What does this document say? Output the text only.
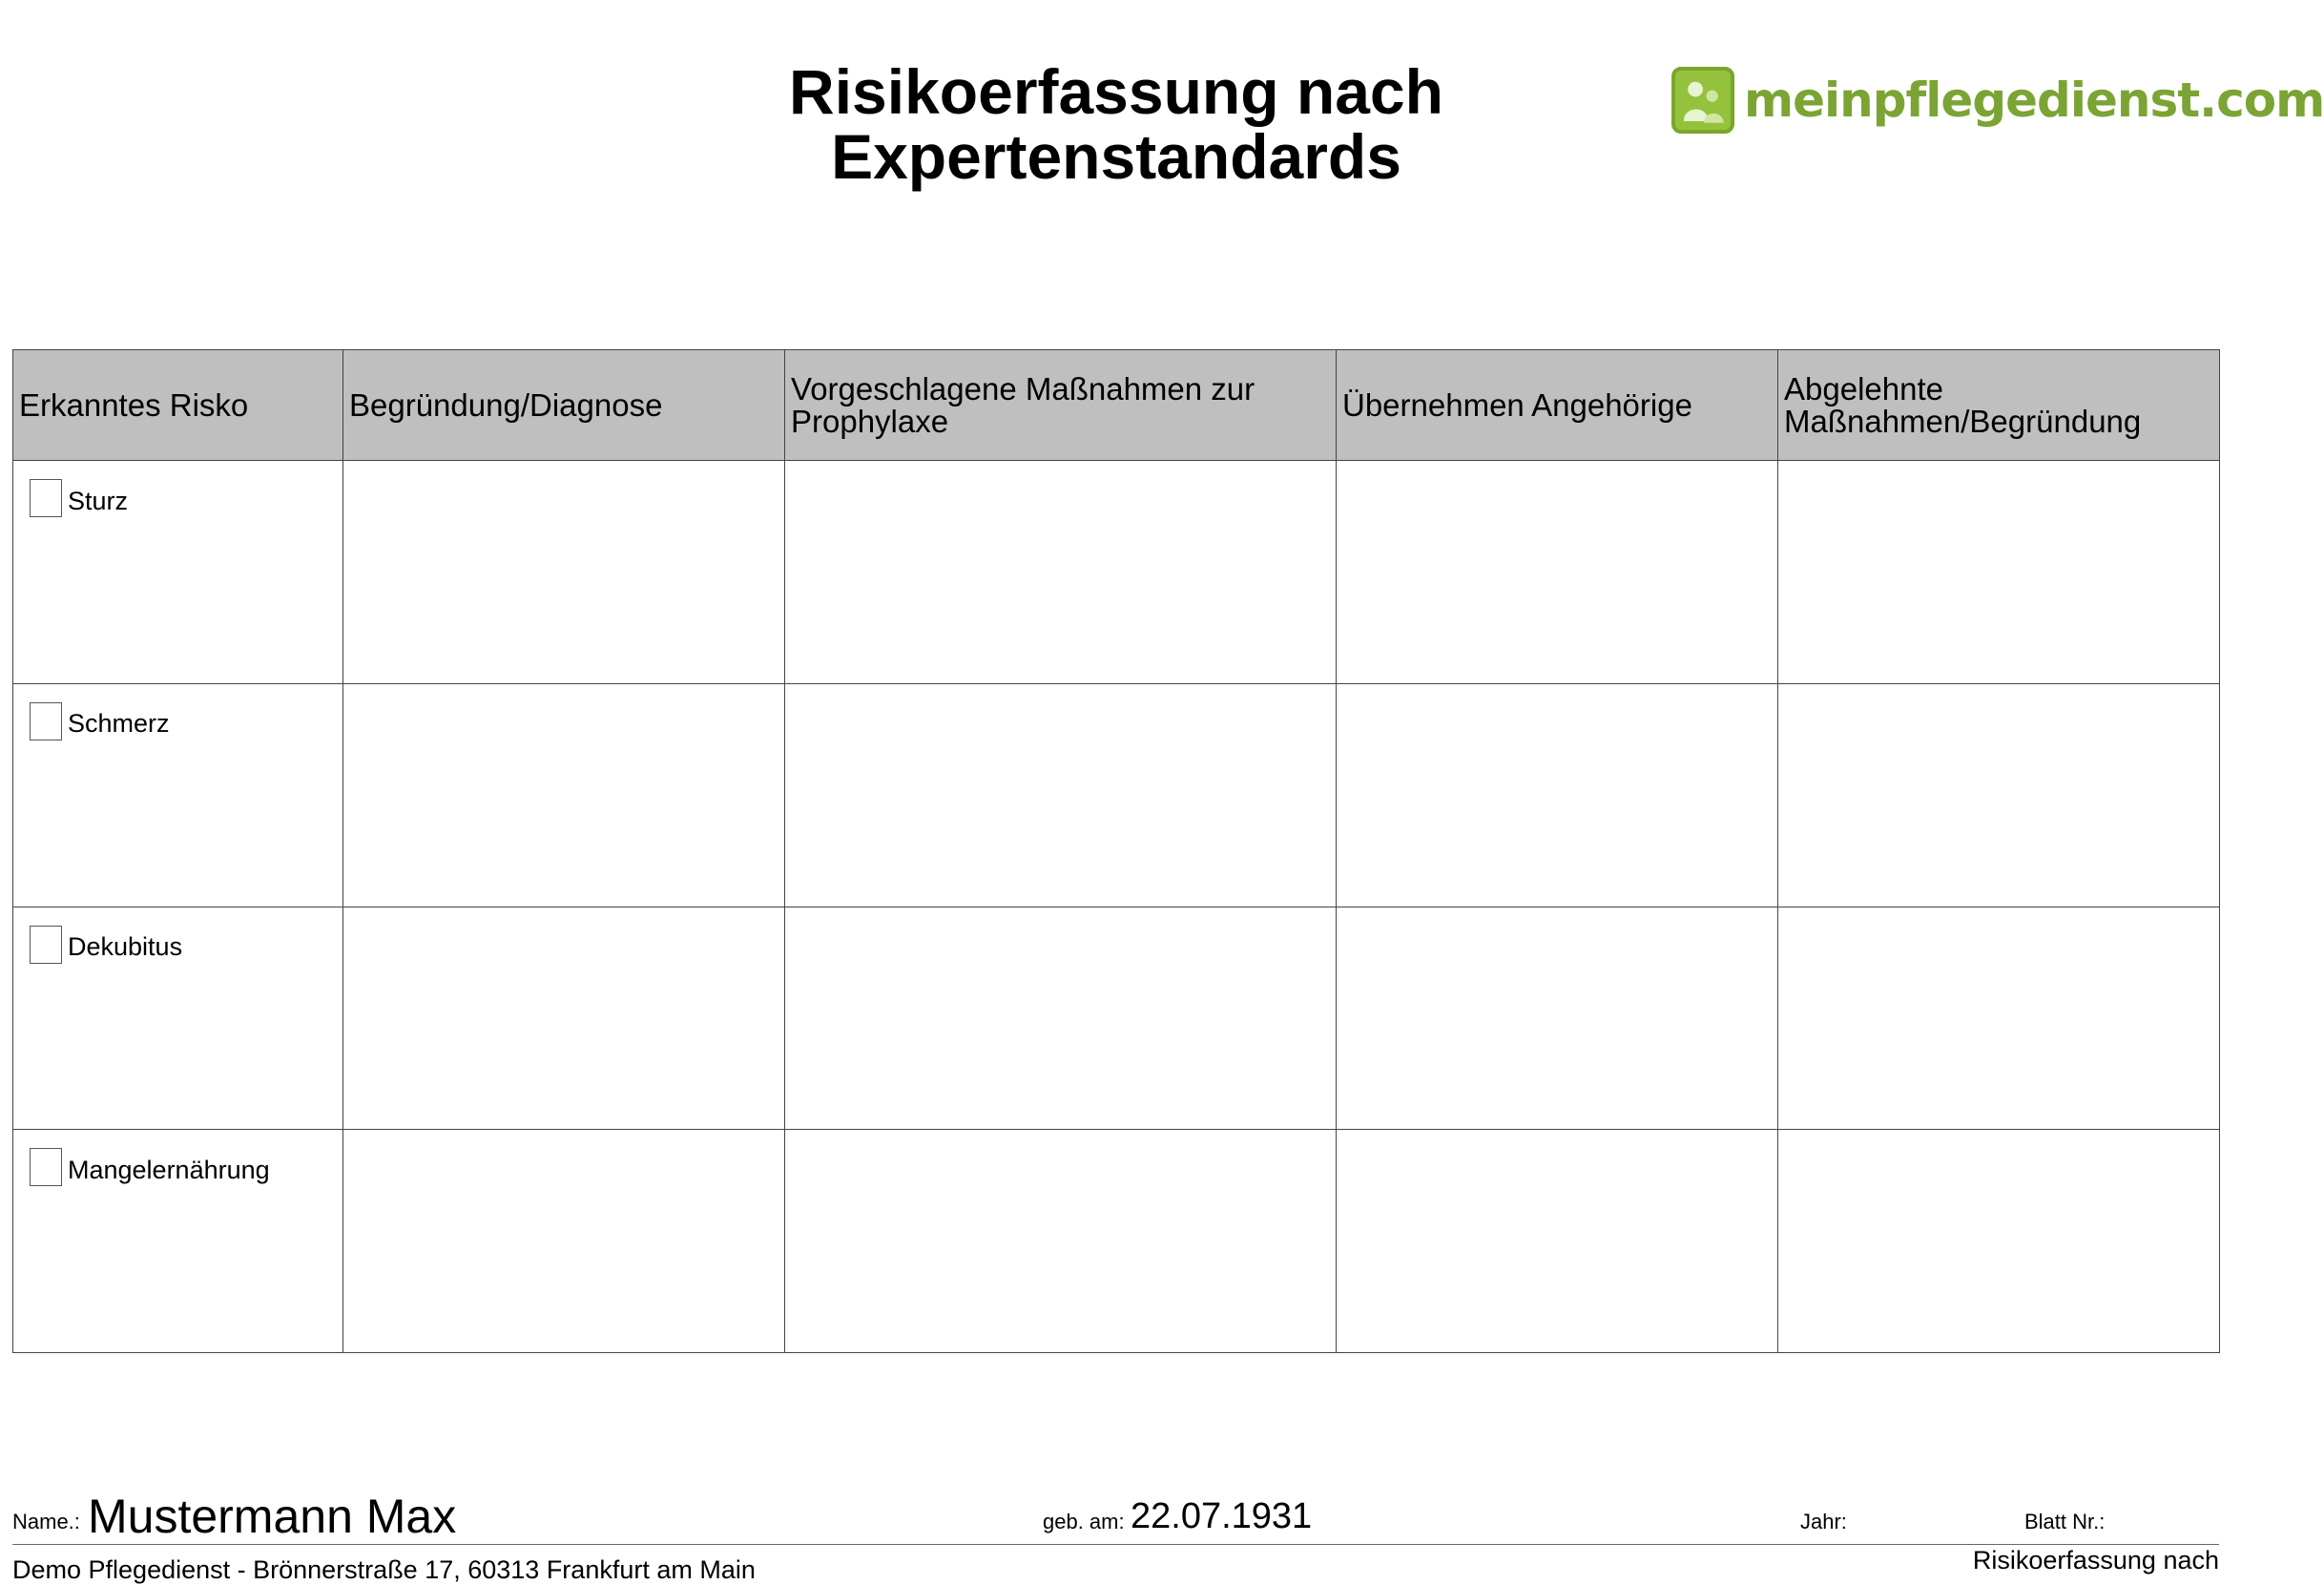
Risikoerfassung nach
Expertenstandards
meinpflegedienst.com
Erkanntes Risko	Begründung/Diagnose	Vorgeschlagene Maßnahmen zur Prophylaxe	Übernehmen Angehörige	Abgelehnte Maßnahmen/Begründung

Sturz				

Schmerz				

Dekubitus				

Mangelernährung				

Name.: Mustermann Max	geb. am: 22.07.1931	Jahr:	Blatt Nr.:
Demo Pflegedienst - Brönnerstraße 17, 60313 Frankfurt am Main	Risikoerfassung nach
